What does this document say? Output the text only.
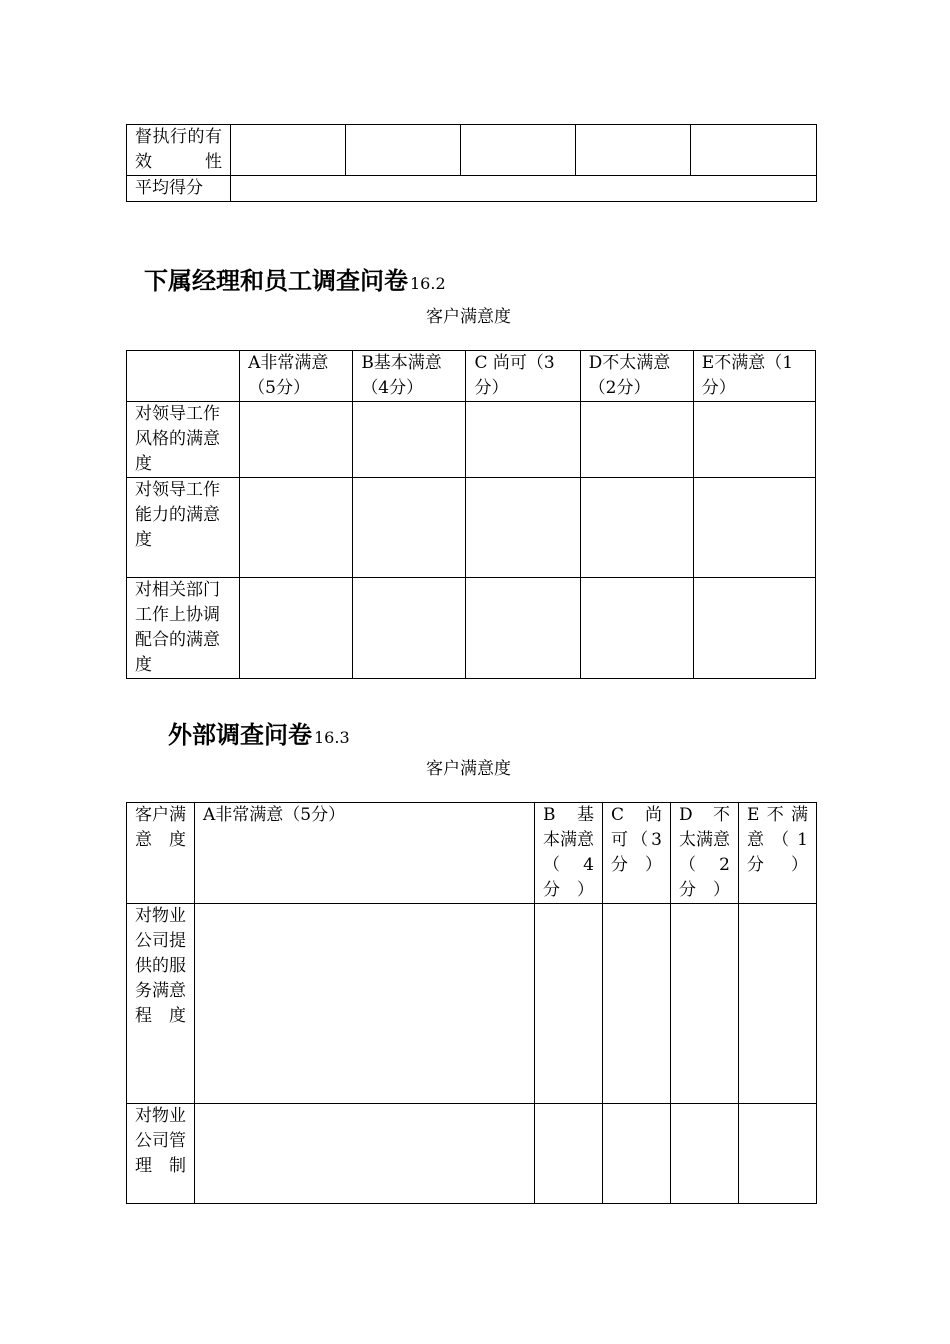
督执行的有效性					

平均得分					

下属经理和员工调查问卷 16.2
客户满意度
	A非常满意（5分）	B基本满意（4分）	C 尚可（3分）	D不太满意（2分）	E不满意（1分）
对领导工作风格的满意度					
对领导工作能力的满意度					
对相关部门工作上协调配合的满意度					
外部调查问卷 16.3
客户满意度
客户满意度	A非常满意（5分）	B 基本满意（4分）	C 尚可（3分）	D 不太满意（2分）	E不满意（1分）
对物业公司提供的服务满意程度					
对物业公司管理制					
